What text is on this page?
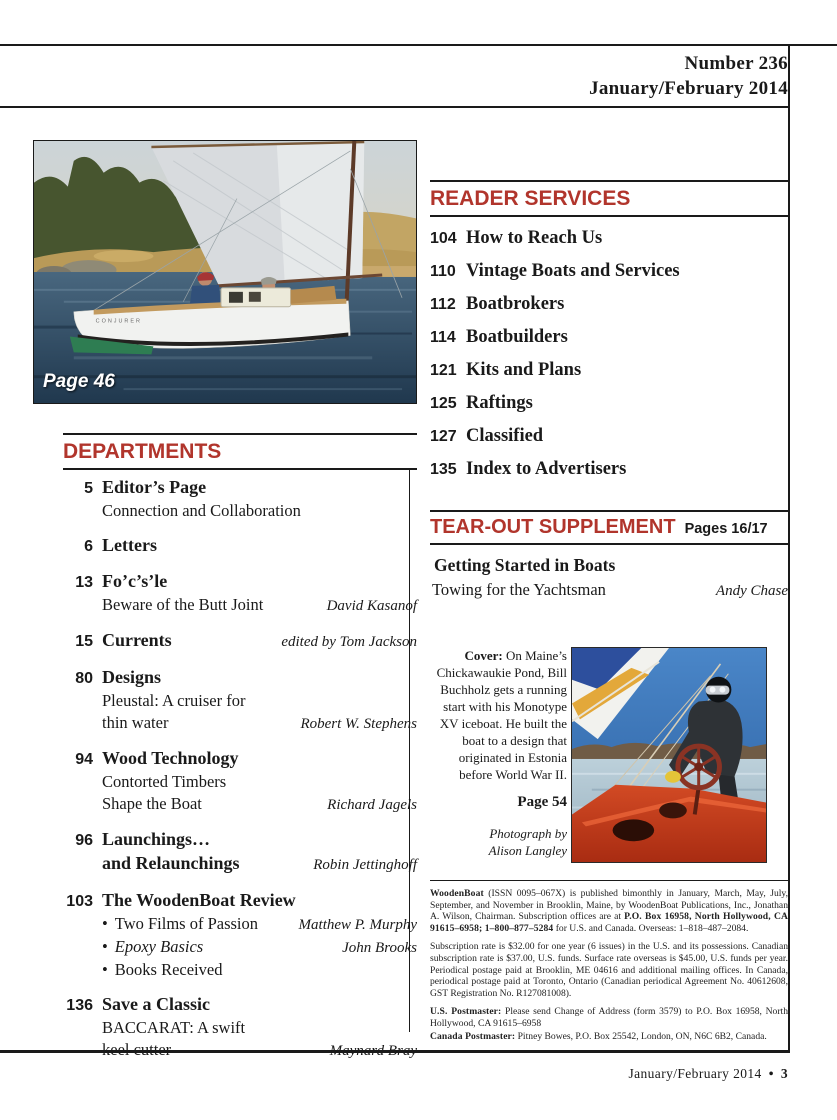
Number 236
January/February 2014
CONJURER
Page 46
DEPARTMENTS
5 Editor’s Page
Connection and Collaboration
6 Letters
13 Fo’c’s’le
Beware of the Butt Joint	David Kasanof
15 Currents	edited by Tom Jackson
80 Designs
Pleustal: A cruiser for
thin water	Robert W. Stephens
94 Wood Technology
Contorted Timbers
Shape the Boat	Richard Jagels
96 Launchings…
and Relaunchings	Robin Jettinghoff
103 The WoodenBoat Review
• Two Films of Passion	Matthew P. Murphy
• Epoxy Basics	John Brooks
• Books Received
136 Save a Classic
BACCARAT: A swift
keel cutter	Maynard Bray
READER SERVICES
104 How to Reach Us
110 Vintage Boats and Services
112 Boatbrokers
114 Boatbuilders
121 Kits and Plans
125 Raftings
127 Classified
135 Index to Advertisers
TEAR-OUT SUPPLEMENT Pages 16/17
Getting Started in Boats
Towing for the Yachtsman	Andy Chase

Cover: On Maine’s Chickawaukie Pond, Bill Buchholz gets a running start with his Monotype XV iceboat. He built the boat to a design that originated in Estonia before World War II.

Page 54
Photograph by
Alison Langley

WoodenBoat (ISSN 0095–067X) is published bimonthly in January, March, May, July, September, and November in Brooklin, Maine, by WoodenBoat Publications, Inc., Jonathan A. Wilson, Chairman. Subscription offices are at P.O. Box 16958, North Hollywood, CA 91615–6958; 1–800–877–5284 for U.S. and Canada. Overseas: 1–818–487–2084.

Subscription rate is $32.00 for one year (6 issues) in the U.S. and its possessions. Canadian subscription rate is $37.00, U.S. funds. Surface rate overseas is $45.00, U.S. funds per year. Periodical postage paid at Brooklin, ME 04616 and additional mailing offices. In Canada, periodical postage paid at Toronto, Ontario (Canadian periodical Agreement No. 40612608, GST Registration No. R127081008).

U.S. Postmaster: Please send Change of Address (form 3579) to P.O. Box 16958, North Hollywood, CA 91615–6958

Canada Postmaster: Pitney Bowes, P.O. Box 25542, London, ON, N6C 6B2, Canada.

January/February 2014 • 3
